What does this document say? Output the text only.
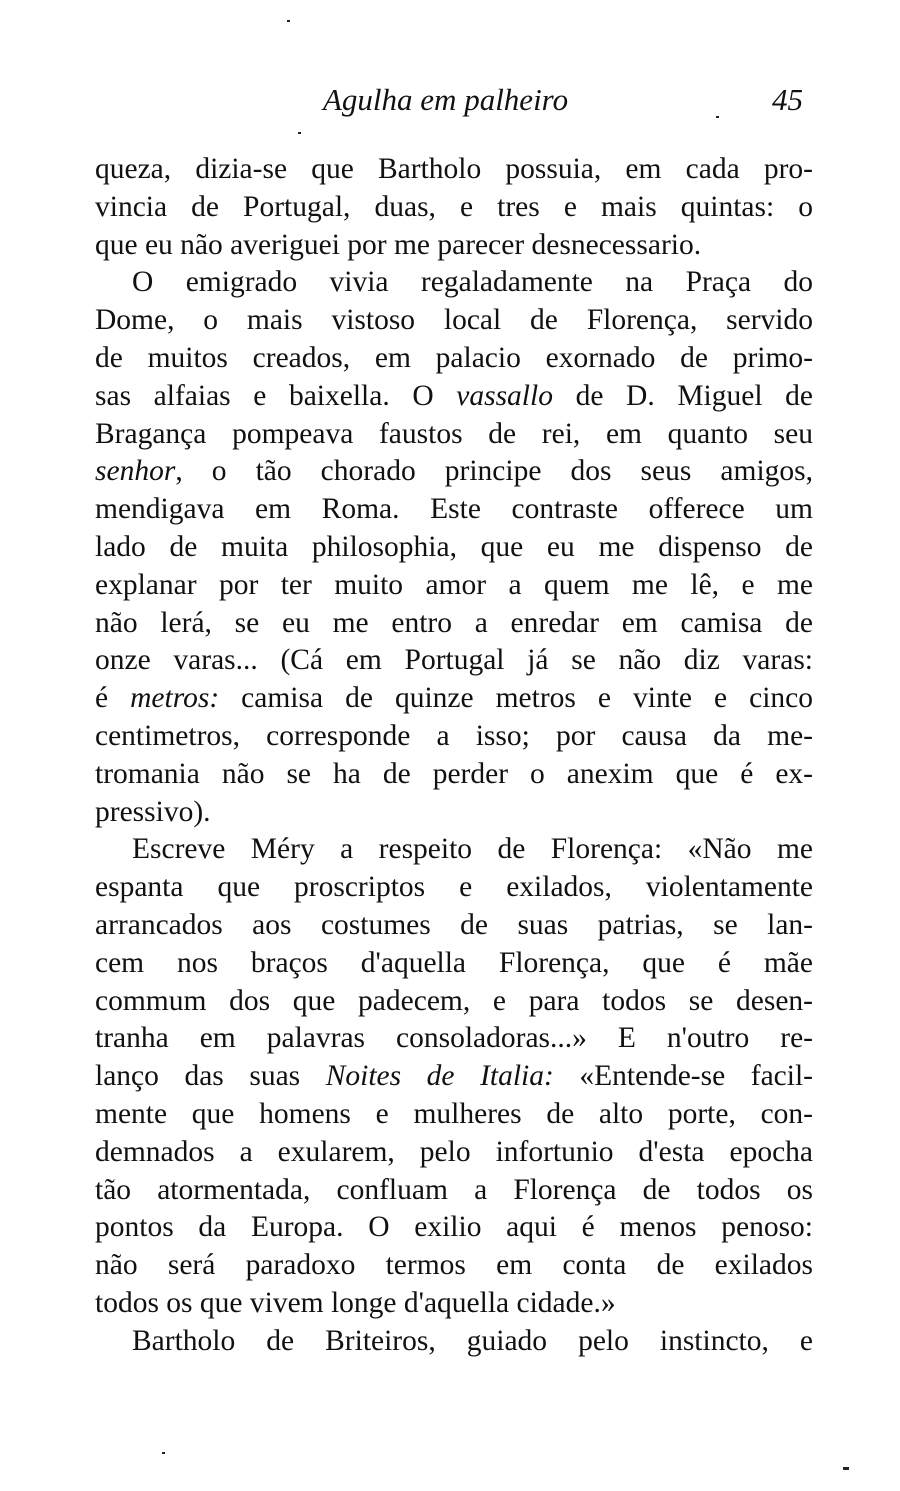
Agulha em palheiro	45
queza, dizia-se que Bartholo possuia, em cada pro-
vincia de Portugal, duas, e tres e mais quintas: o
que eu não averiguei por me parecer desnecessario.
O emigrado vivia regaladamente na Praça do
Dome, o mais vistoso local de Florença, servido
de muitos creados, em palacio exornado de primo-
sas alfaias e baixella. O vassallo de D. Miguel de
Bragança pompeava faustos de rei, em quanto seu
senhor, o tão chorado principe dos seus amigos,
mendigava em Roma. Este contraste offerece um
lado de muita philosophia, que eu me dispenso de
explanar por ter muito amor a quem me lê, e me
não lerá, se eu me entro a enredar em camisa de
onze varas... (Cá em Portugal já se não diz varas:
é metros: camisa de quinze metros e vinte e cinco
centimetros, corresponde a isso; por causa da me-
tromania não se ha de perder o anexim que é ex-
pressivo).
Escreve Méry a respeito de Florença: «Não me
espanta que proscriptos e exilados, violentamente
arrancados aos costumes de suas patrias, se lan-
cem nos braços d'aquella Florença, que é mãe
commum dos que padecem, e para todos se desen-
tranha em palavras consoladoras...» E n'outro re-
lanço das suas Noites de Italia: «Entende-se facil-
mente que homens e mulheres de alto porte, con-
demnados a exularem, pelo infortunio d'esta epocha
tão atormentada, confluam a Florença de todos os
pontos da Europa. O exilio aqui é menos penoso:
não será paradoxo termos em conta de exilados
todos os que vivem longe d'aquella cidade.»
Bartholo de Briteiros, guiado pelo instincto, e
